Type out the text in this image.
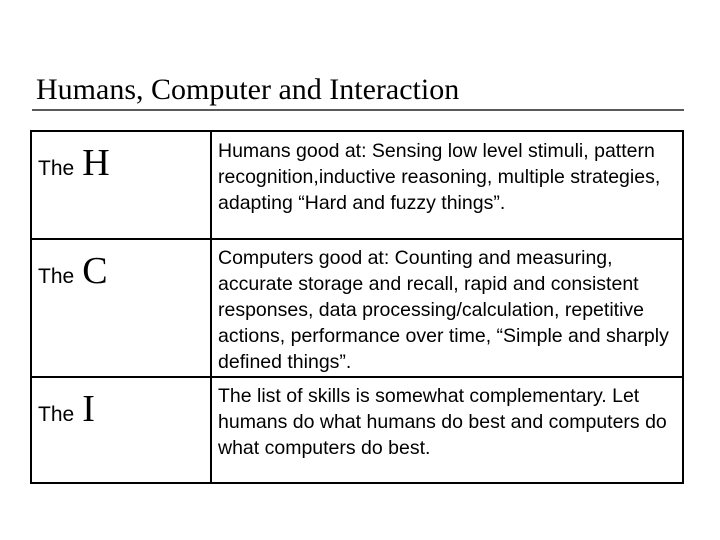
Humans, Computer and Interaction
The H	Humans good at: Sensing low level stimuli, pattern recognition,inductive reasoning, multiple strategies, adapting “Hard and fuzzy things”.
The C	Computers good at: Counting and measuring, accurate storage and recall, rapid and consistent responses, data processing/calculation, repetitive actions, performance over time, “Simple and sharply defined things”.
The I	The list of skills is somewhat complementary. Let humans do what humans do best and computers do what computers do best.
